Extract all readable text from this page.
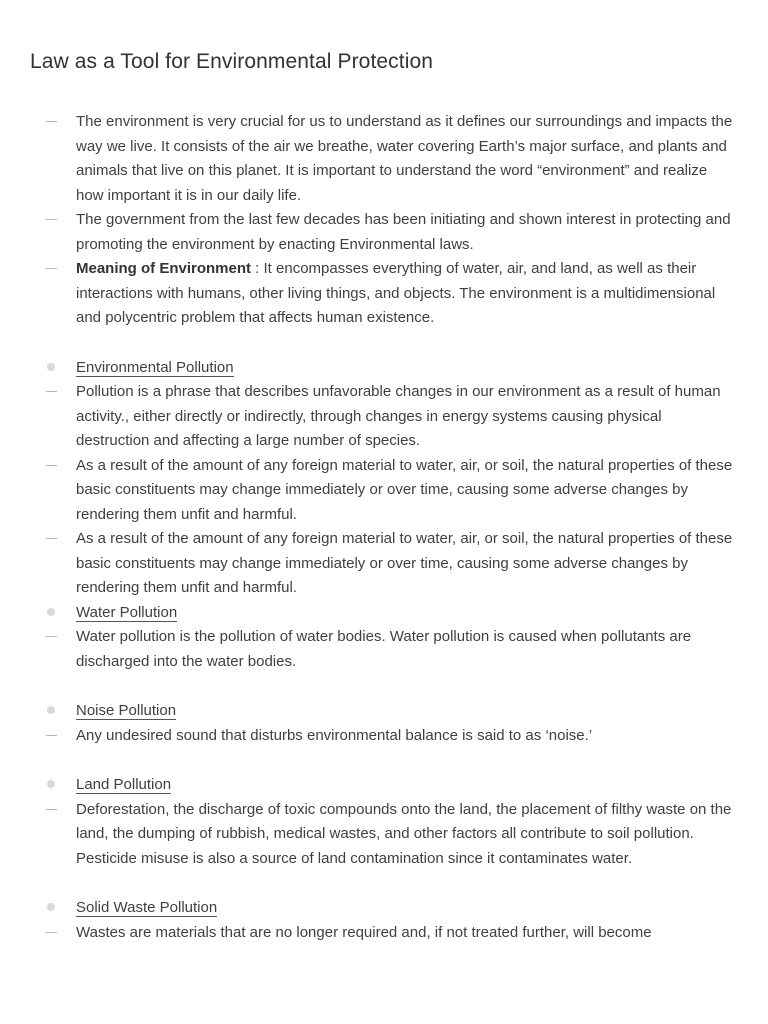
Law as a Tool for Environmental Protection
The environment is very crucial for us to understand as it defines our surroundings and impacts the way we live. It consists of the air we breathe, water covering Earth’s major surface, and plants and animals that live on this planet. It is important to understand the word “environment” and realize how important it is in our daily life.
The government from the last few decades has been initiating and shown interest in protecting and promoting the environment by enacting Environmental laws.
Meaning of Environment : It encompasses everything of water, air, and land, as well as their interactions with humans, other living things, and objects. The environment is a multidimensional and polycentric problem that affects human existence.
Environmental Pollution
Pollution is a phrase that describes unfavorable changes in our environment as a result of human activity., either directly or indirectly, through changes in energy systems causing physical destruction and affecting a large number of species.
As a result of the amount of any foreign material to water, air, or soil, the natural properties of these basic constituents may change immediately or over time, causing some adverse changes by rendering them unfit and harmful.
As a result of the amount of any foreign material to water, air, or soil, the natural properties of these basic constituents may change immediately or over time, causing some adverse changes by rendering them unfit and harmful.
Water Pollution
Water pollution is the pollution of water bodies. Water pollution is caused when pollutants are discharged into the water bodies.
Noise Pollution
Any undesired sound that disturbs environmental balance is said to as ‘noise.’
Land Pollution
Deforestation, the discharge of toxic compounds onto the land, the placement of filthy waste on the land, the dumping of rubbish, medical wastes, and other factors all contribute to soil pollution. Pesticide misuse is also a source of land contamination since it contaminates water.
Solid Waste Pollution
Wastes are materials that are no longer required and, if not treated further, will become
